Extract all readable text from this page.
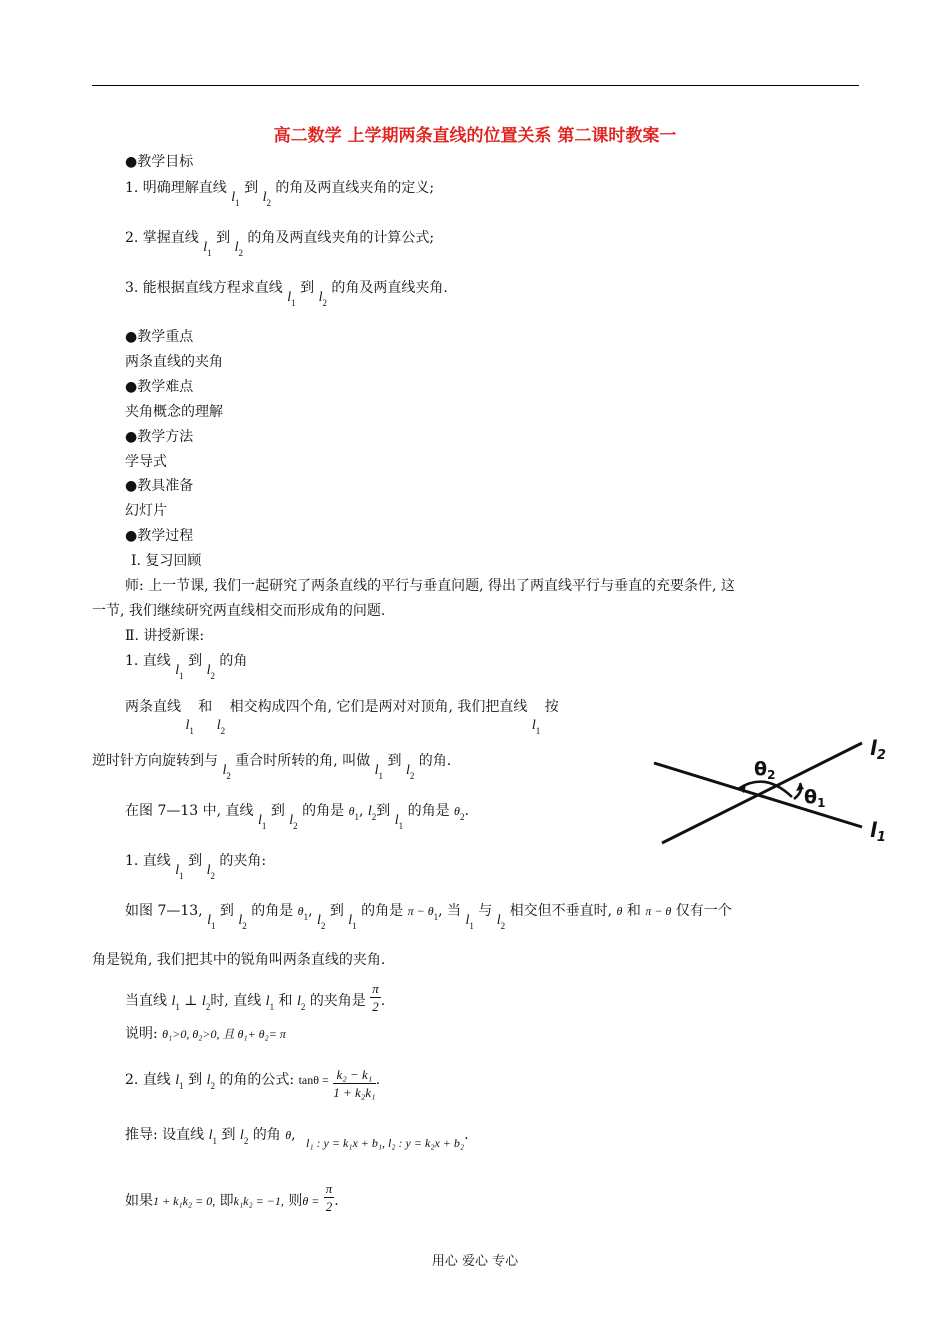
高二数学 上学期两条直线的位置关系 第二课时教案一
●教学目标
1. 明确理解直线 $l_1$ 到 $l_2$ 的角及两直线夹角的定义;
2. 掌握直线 $l_1$ 到 $l_2$ 的角及两直线夹角的计算公式;
3. 能根据直线方程求直线 $l_1$ 到 $l_2$ 的角及两直线夹角.
●教学重点
两条直线的夹角
●教学难点
夹角概念的理解
●教学方法
学导式
●教具准备
幻灯片
●教学过程
Ⅰ. 复习回顾
师: 上一节课, 我们一起研究了两条直线的平行与垂直问题, 得出了两直线平行与垂直的充要条件, 这
一节, 我们继续研究两直线相交而形成角的问题.
Ⅱ. 讲授新课:
1. 直线 $l_1$ 到 $l_2$ 的角
两条直线 $l_1$ 和 $l_2$ 相交构成四个角, 它们是两对对顶角, 我们把直线 $l_1$ 按
逆时针方向旋转到与 $l_2$ 重合时所转的角, 叫做 $l_1$ 到 $l_2$ 的角.
在图 7—13 中, 直线 $l_1$ 到 $l_2$ 的角是 $\theta_1$, $l_2$到 $l_1$ 的角是 $\theta_2$.
1. 直线 $l_1$ 到 $l_2$ 的夹角:
如图 7—13, $l_1$ 到 $l_2$ 的角是 $\theta_1$, $l_2$ 到 $l_1$ 的角是 $\pi - \theta_1$, 当 $l_1$ 与 $l_2$ 相交但不垂直时, θ 和 π − θ 仅有一个
角是锐角, 我们把其中的锐角叫两条直线的夹角.
当直线 $l_1$ ⊥ $l_2$时, 直线 $l_1$ 和 $l_2$ 的夹角是 $\frac{\pi}{2}$ .
说明: θ₁>0, θ₂>0, 且 θ₁+ θ₂= π
2. 直线 $l_1$ 到 $l_2$ 的角的公式: $\tan\theta = \frac{\text{k₂ − k₁}}{\text{1 + k₂k₁}}$ .
推导: 设直线 $l_1$ 到 $l_2$ 的角 θ, l₁ : y = k₁x + b₁, l₂ : y = k₂x + b₂.
如果1 + k₁k₂ = 0, 即k₁k₂ = −1, 则$\theta = \frac{\pi}{2}$ .
$\theta_2$
$\theta_1$
$l_2$
$l_1$
用心 爱心 专心
